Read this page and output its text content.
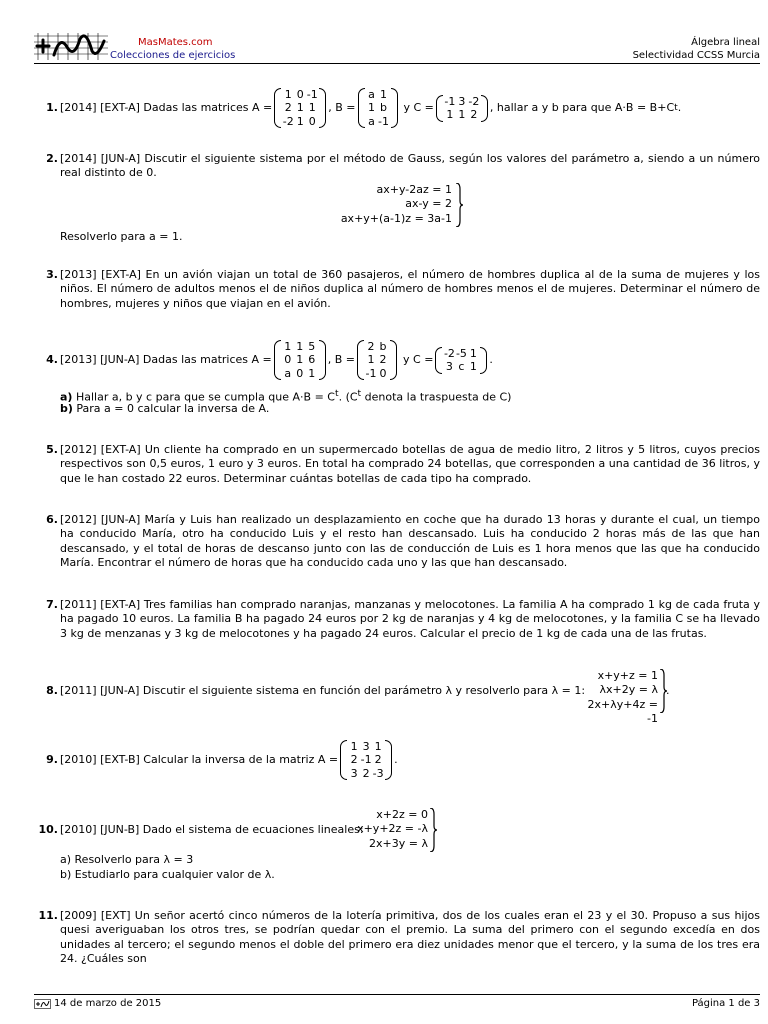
MasMates.com
Colecciones de ejercicios
Álgebra lineal
Selectividad CCSS Murcia
1. [2014] [EXT-A] Dadas las matrices A =
1 0 -1
2 1 1
-2 1 0
, B =
a 1
1 b
a -1
y C = -1 3 -2
1 1 2
, hallar a y b para que A·B = B+C t .
2. [2014] [JUN-A] Discutir el siguiente sistema por el método de Gauss, según los valores del parámetro a, siendo a un número real distinto de 0.
ax+y-2az = 1
ax-y = 2
ax+y+(a-1)z = 3a-1
Resolverlo para a = 1.
3. [2013] [EXT-A] En un avión viajan un total de 360 pasajeros, el número de hombres duplica al de la suma de mujeres y los niños. El número de adultos menos el de niños duplica al número de hombres menos el de mujeres. Determinar el número de hombres, mujeres y niños que viajan en el avión.
4. [2013] [JUN-A] Dadas las matrices A =
1 1 5
0 1 6
a 0 1
, B =
2 b
1 2
-1 0
y C = -2 -5 1
3 c 1
.
a) Hallar a, b y c para que se cumpla que $A\cdot B = C^t$. ($C^t$ denota la traspuesta de C)
b) Para a = 0 calcular la inversa de A.
5. [2012] [EXT-A] Un cliente ha comprado en un supermercado botellas de agua de medio litro, 2 litros y 5 litros, cuyos precios respectivos son 0,5 euros, 1 euro y 3 euros. En total ha comprado 24 botellas, que corresponden a una cantidad de 36 litros, y que le han costado 22 euros. Determinar cuántas botellas de cada tipo ha comprado.
6. [2012] [JUN-A] María y Luis han realizado un desplazamiento en coche que ha durado 13 horas y durante el cual, un tiempo ha conducido María, otro ha conducido Luis y el resto han descansado. Luis ha conducido 2 horas más de las que han descansado, y el total de horas de descanso junto con las de conducción de Luis es 1 hora menos que las que ha conducido María. Encontrar el número de horas que ha conducido cada uno y las que han descansado.
7. [2011] [EXT-A] Tres familias han comprado naranjas, manzanas y melocotones. La familia A ha comprado 1 kg de cada fruta y ha pagado 10 euros. La familia B ha pagado 24 euros por 2 kg de naranjas y 4 kg de melocotones, y la familia C se ha llevado 3 kg de menzanas y 3 kg de melocotones y ha pagado 24 euros. Calcular el precio de 1 kg de cada una de las frutas.
8. [2011] [JUN-A] Discutir el siguiente sistema en función del parámetro λ y resolverlo para λ = 1:
x+y+z = 1
λx+2y = λ
2x+λy+4z = -1
.
9. [2010] [EXT-B] Calcular la inversa de la matriz A =
1 3 1
2 -1 2
3 2 -3
.
10. [2010] [JUN-B] Dado el sistema de ecuaciones lineales:
x+2z = 0
x+y+2z = -λ
2x+3y = λ
a) Resolverlo para λ = 3
b) Estudiarlo para cualquier valor de λ.
11. [2009] [EXT] Un señor acertó cinco números de la lotería primitiva, dos de los cuales eran el 23 y el 30. Propuso a sus hijos quesi averiguaban los otros tres, se podrían quedar con el premio. La suma del primero con el segundo excedía en dos unidades al tercero; el segundo menos el doble del primero era diez unidades menor que el tercero, y la suma de los tres era 24. ¿Cuáles son
14 de marzo de 2015	Página 1 de 3
